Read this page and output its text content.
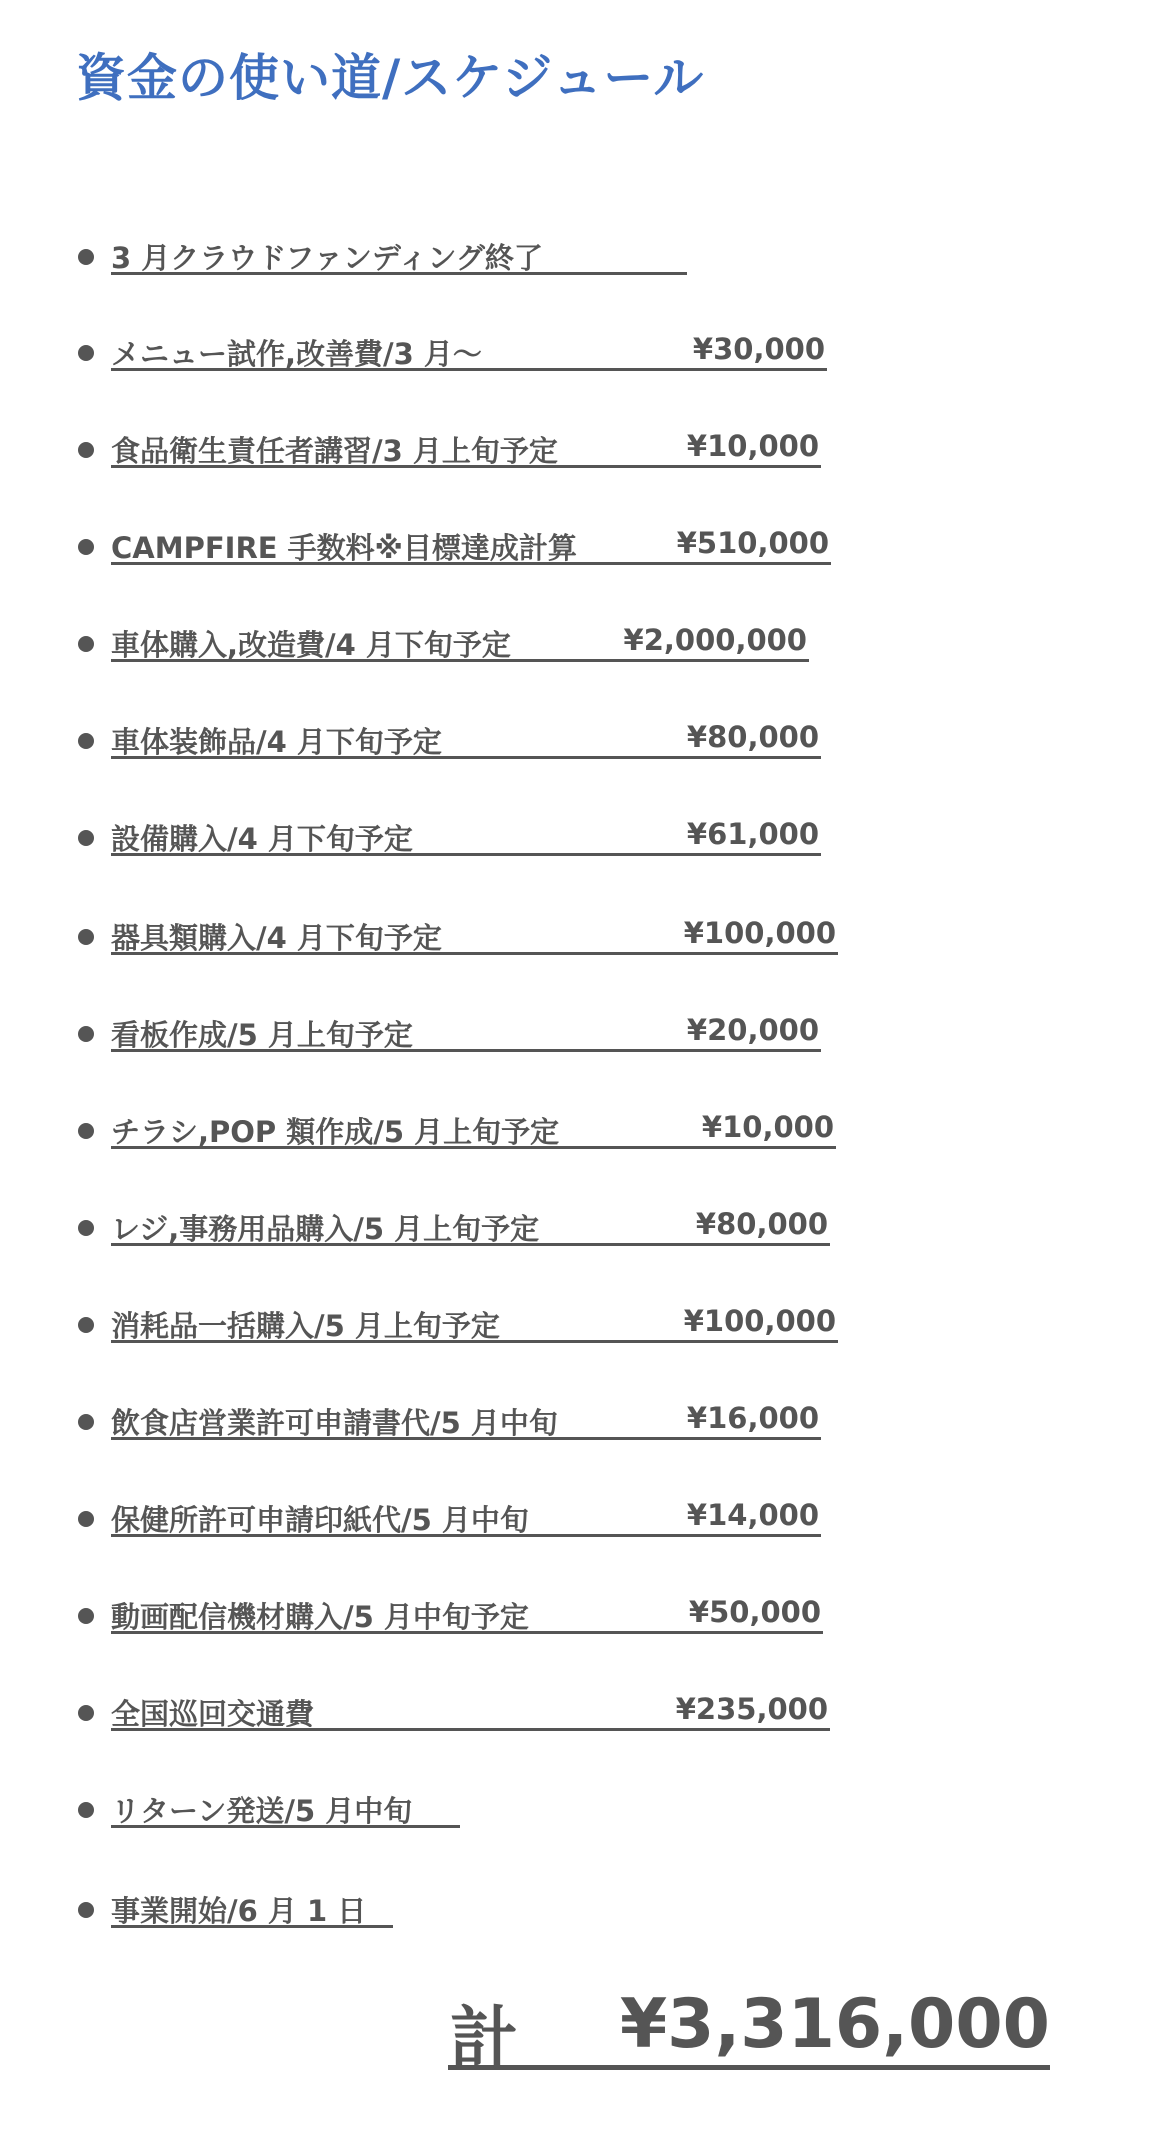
資金の使い道/スケジュール
3 月クラウドファンディング終了
メニュー試作,改善費/3 月〜	¥30,000
食品衛生責任者講習/3 月上旬予定	¥10,000
CAMPFIRE 手数料※目標達成計算	¥510,000
車体購入,改造費/4 月下旬予定	¥2,000,000
車体装飾品/4 月下旬予定	¥80,000
設備購入/4 月下旬予定	¥61,000
器具類購入/4 月下旬予定	¥100,000
看板作成/5 月上旬予定	¥20,000
チラシ,POP 類作成/5 月上旬予定	¥10,000
レジ,事務用品購入/5 月上旬予定	¥80,000
消耗品一括購入/5 月上旬予定	¥100,000
飲食店営業許可申請書代/5 月中旬	¥16,000
保健所許可申請印紙代/5 月中旬	¥14,000
動画配信機材購入/5 月中旬予定	¥50,000
全国巡回交通費	¥235,000
リターン発送/5 月中旬
事業開始/6 月 1 日
計 ¥3,316,000
